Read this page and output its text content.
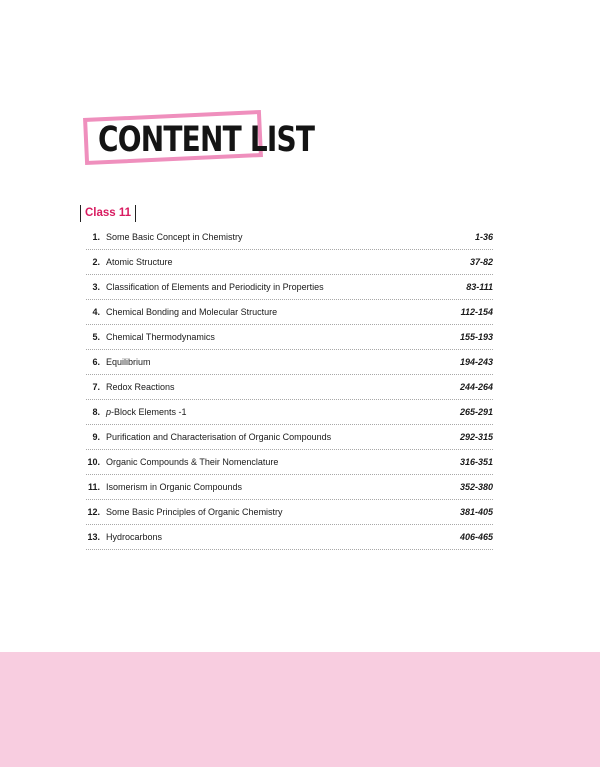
CONTENT LIST
Class 11
1. Some Basic Concept in Chemistry	1-36
2. Atomic Structure	37-82
3. Classification of Elements and Periodicity in Properties	83-111
4. Chemical Bonding and Molecular Structure	112-154
5. Chemical Thermodynamics	155-193
6. Equilibrium	194-243
7. Redox Reactions	244-264
8. p-Block Elements -1	265-291
9. Purification and Characterisation of Organic Compounds	292-315
10. Organic Compounds & Their Nomenclature	316-351
11. Isomerism in Organic Compounds	352-380
12. Some Basic Principles of Organic Chemistry	381-405
13. Hydrocarbons	406-465
